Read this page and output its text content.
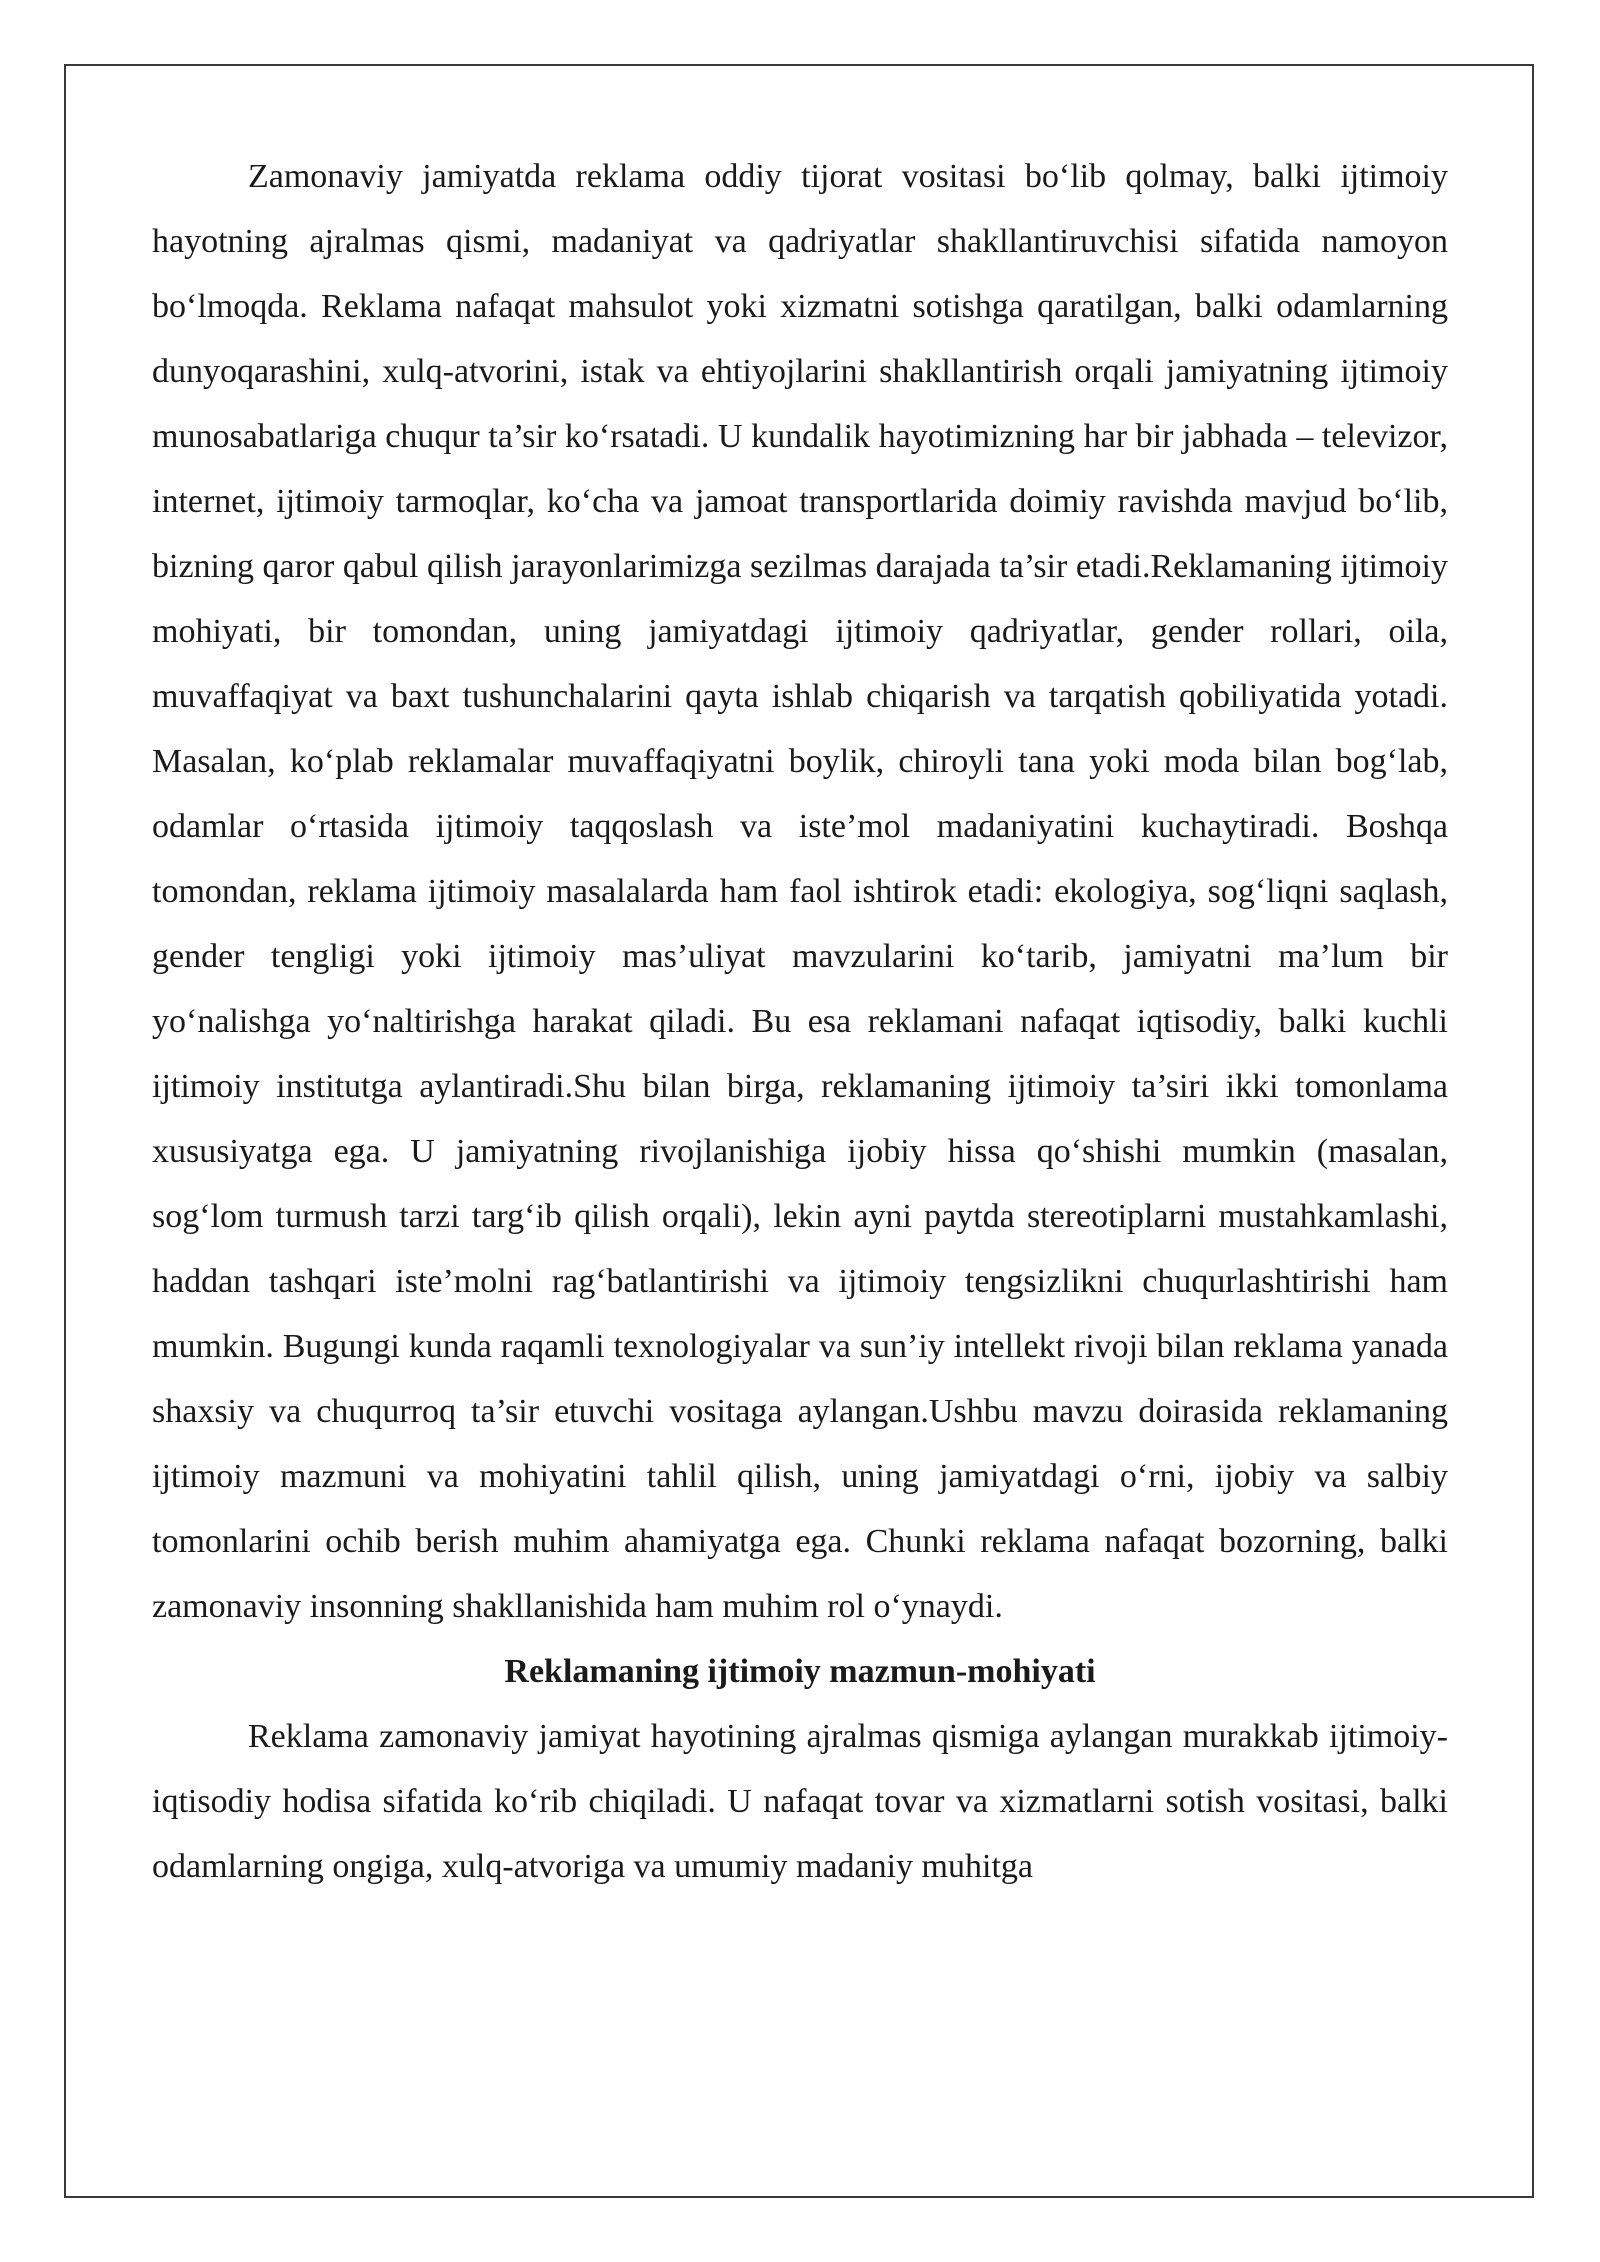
Zamonaviy jamiyatda reklama oddiy tijorat vositasi bo‘lib qolmay, balki ijtimoiy hayotning ajralmas qismi, madaniyat va qadriyatlar shakllantiruvchisi sifatida namoyon bo‘lmoqda. Reklama nafaqat mahsulot yoki xizmatni sotishga qaratilgan, balki odamlarning dunyoqarashini, xulq-atvorini, istak va ehtiyojlarini shakllantirish orqali jamiyatning ijtimoiy munosabatlariga chuqur ta’sir ko‘rsatadi. U kundalik hayotimizning har bir jabhada – televizor, internet, ijtimoiy tarmoqlar, ko‘cha va jamoat transportlarida doimiy ravishda mavjud bo‘lib, bizning qaror qabul qilish jarayonlarimizga sezilmas darajada ta’sir etadi.Reklamaning ijtimoiy mohiyati, bir tomondan, uning jamiyatdagi ijtimoiy qadriyatlar, gender rollari, oila, muvaffaqiyat va baxt tushunchalarini qayta ishlab chiqarish va tarqatish qobiliyatida yotadi. Masalan, ko‘plab reklamalar muvaffaqiyatni boylik, chiroyli tana yoki moda bilan bog‘lab, odamlar o‘rtasida ijtimoiy taqqoslash va iste’mol madaniyatini kuchaytiradi. Boshqa tomondan, reklama ijtimoiy masalalarda ham faol ishtirok etadi: ekologiya, sog‘liqni saqlash, gender tengligi yoki ijtimoiy mas’uliyat mavzularini ko‘tarib, jamiyatni ma’lum bir yo‘nalishga yo‘naltirishga harakat qiladi. Bu esa reklamani nafaqat iqtisodiy, balki kuchli ijtimoiy institutga aylantiradi.Shu bilan birga, reklamaning ijtimoiy ta’siri ikki tomonlama xususiyatga ega. U jamiyatning rivojlanishiga ijobiy hissa qo‘shishi mumkin (masalan, sog‘lom turmush tarzi targ‘ib qilish orqali), lekin ayni paytda stereotiplarni mustahkamlashi, haddan tashqari iste’molni rag‘batlantirishi va ijtimoiy tengsizlikni chuqurlashtirishi ham mumkin. Bugungi kunda raqamli texnologiyalar va sun’iy intellekt rivoji bilan reklama yanada shaxsiy va chuqurroq ta’sir etuvchi vositaga aylangan.Ushbu mavzu doirasida reklamaning ijtimoiy mazmuni va mohiyatini tahlil qilish, uning jamiyatdagi o‘rni, ijobiy va salbiy tomonlarini ochib berish muhim ahamiyatga ega. Chunki reklama nafaqat bozorning, balki zamonaviy insonning shakllanishida ham muhim rol o‘ynaydi.

Reklamaning ijtimoiy mazmun-mohiyati

Reklama zamonaviy jamiyat hayotining ajralmas qismiga aylangan murakkab ijtimoiy-iqtisodiy hodisa sifatida ko‘rib chiqiladi. U nafaqat tovar va xizmatlarni sotish vositasi, balki odamlarning ongiga, xulq-atvoriga va umumiy madaniy muhitga
